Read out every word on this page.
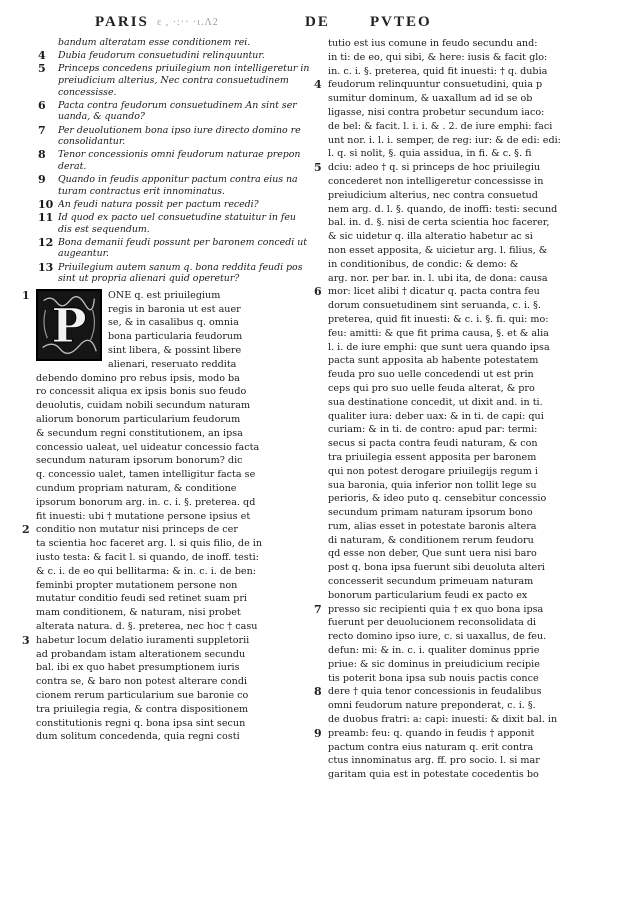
PARIS ε , ·:·· ·ι.Λ2	DE	PVTEO
bandum alteratam esse conditionem rei.
4 Dubia feudorum consuetudini relinquuntur.
5 Princeps concedens priuilegium non intelligeretur in
preiudicium alterius, Nec contra consuetudinem
concessisse.
6 Pacta contra feudorum consuetudinem An sint ser
uanda, & quando?
7 Per deuolutionem bona ipso iure directo domino re
consolidantur.
8 Tenor concessionis omni feudorum naturae prepon
derat.
9 Quando in feudis apponitur pactum contra eius na
turam contractus erit innominatus.
10 An feudi natura possit per pactum recedi?
11 Id quod ex pacto uel consuetudine statuitur in feu
dis est sequendum.
12 Bona demanii feudi possunt per baronem concedi ut
augeantur.
13 Priuilegium autem sanum q. bona reddita feudi pos
sint ut propria alienari quid operetur?
P
ONE q. est priuilegium
regis in baronia ut est auer
se, & in casalibus q. omnia
bona particularia feudorum
sint libera, & possint libere
alienari, reseruato reddita
debendo domino pro rebus ipsis, modo ba
ro concessit aliqua ex ipsis bonis suo feudo
deuolutis, cuidam nobili secundum naturam
aliorum bonorum particularium feudorum
& secundum regni constitutionem, an ipsa
concessio ualeat, uel uideatur concessio facta
secundum naturam ipsorum bonorum? dic
q. concessio ualet, tamen intelligitur facta se
cundum propriam naturam, & conditione
ipsorum bonorum arg. in. c. i. §. preterea. qd
fit inuesti: ubi † mutatione persone ipsius et
conditio non mutatur nisi princeps de cer
ta scientia hoc faceret arg. l. si quis filio, de in
iusto testa: & facit l. si quando, de inoff. testi:
& c. i. de eo qui bellitarma: & in. c. i. de ben:
feminbi propter mutationem persone non
mutatur conditio feudi sed retinet suam pri
mam conditionem, & naturam, nisi probet
alterata natura. d. §. preterea, nec hoc † casu
habetur locum delatio iuramenti suppletorii
ad probandam istam alterationem secundu
bal. ibi ex quo habet presumptionem iuris
contra se, & baro non potest alterare condi
cionem rerum particularium sue baronie co
tra priuilegia regia, & contra dispositionem
constitutionis regni q. bona ipsa sint secun
dum solitum concedenda, quia regni costi
tutio est ius comune in feudo secundu and:
in ti: de eo, qui sibi, & here: iusis & facit glo:
in. c. i. §. preterea, quid fit inuesti: † q. dubia
feudorum relinquuntur consuetudini, quia p
sumitur dominum, & uaxallum ad id se ob
ligasse, nisi contra probetur secundum iaco:
de bel: & facit. l. i. i. & . 2. de iure emphi: faci
unt nor. i. l. i. semper, de reg: iur: & de edi: edi:
l. q. si nolit, §. quia assidua, in fi. & c. §. fi
dciu: adeo † q. si princeps de hoc priuilegiu
concederet non intelligeretur concessisse in
preiudicium alterius, nec contra consuetud
nem arg. d. l. §. quando, de inoffi: testi: secund
bal. in. d. §. nisi de certa scientia hoc facerer,
& sic uidetur q. illa alteratio habetur ac si
non esset apposita, & uicietur arg. l. filius, &
in conditionibus, de condic: & demo: &
arg. nor. per bar. in. l. ubi ita, de dona: causa
mor: licet alibi † dicatur q. pacta contra feu
dorum consuetudinem sint seruanda, c. i. §.
preterea, quid fit inuesti: & c. i. §. fi. qui: mo:
feu: amitti: & que fit prima causa, §. et & alia
l. i. de iure emphi: que sunt uera quando ipsa
pacta sunt apposita ab habente potestatem
feuda pro suo uelle concedendi ut est prin
ceps qui pro suo uelle feuda alterat, & pro
sua destinatione concedit, ut dixit and. in ti.
qualiter iura: deber uax: & in ti. de capi: qui
curiam: & in ti. de contro: apud par: termi:
secus si pacta contra feudi naturam, & con
tra priuilegia essent apposita per baronem
qui non potest derogare priuilegijs regum i
sua baronia, quia inferior non tollit lege su
perioris, & ideo puto q. censebitur concessio
secundum primam naturam ipsorum bono
rum, alias esset in potestate baronis altera
di naturam, & conditionem rerum feudoru
qd esse non deber, Que sunt uera nisi baro
post q. bona ipsa fuerunt sibi deuoluta alteri
concesserit secundum primeuam naturam
bonorum particularium feudi ex pacto ex
presso sic recipienti quia † ex quo bona ipsa
fuerunt per deuolucionem reconsolidata di
recto domino ipso iure, c. si uaxallus, de feu.
defun: mi: & in. c. i. qualiter dominus pprie
priue: & sic dominus in preiudicium recipie
tis poterit bona ipsa sub nouis pactis conce
dere † quia tenor concessionis in feudalibus
omni feudorum nature preponderat, c. i. §.
de duobus fratri: a: capi: inuesti: & dixit bal. in
preamb: feu: q. quando in feudis † apponit
pactum contra eius naturam q. erit contra
ctus innominatus arg. ff. pro socio. l. si mar
garitam quia est in potestate cocedentis bo
1
2
3
4
5
6
7
8
9
